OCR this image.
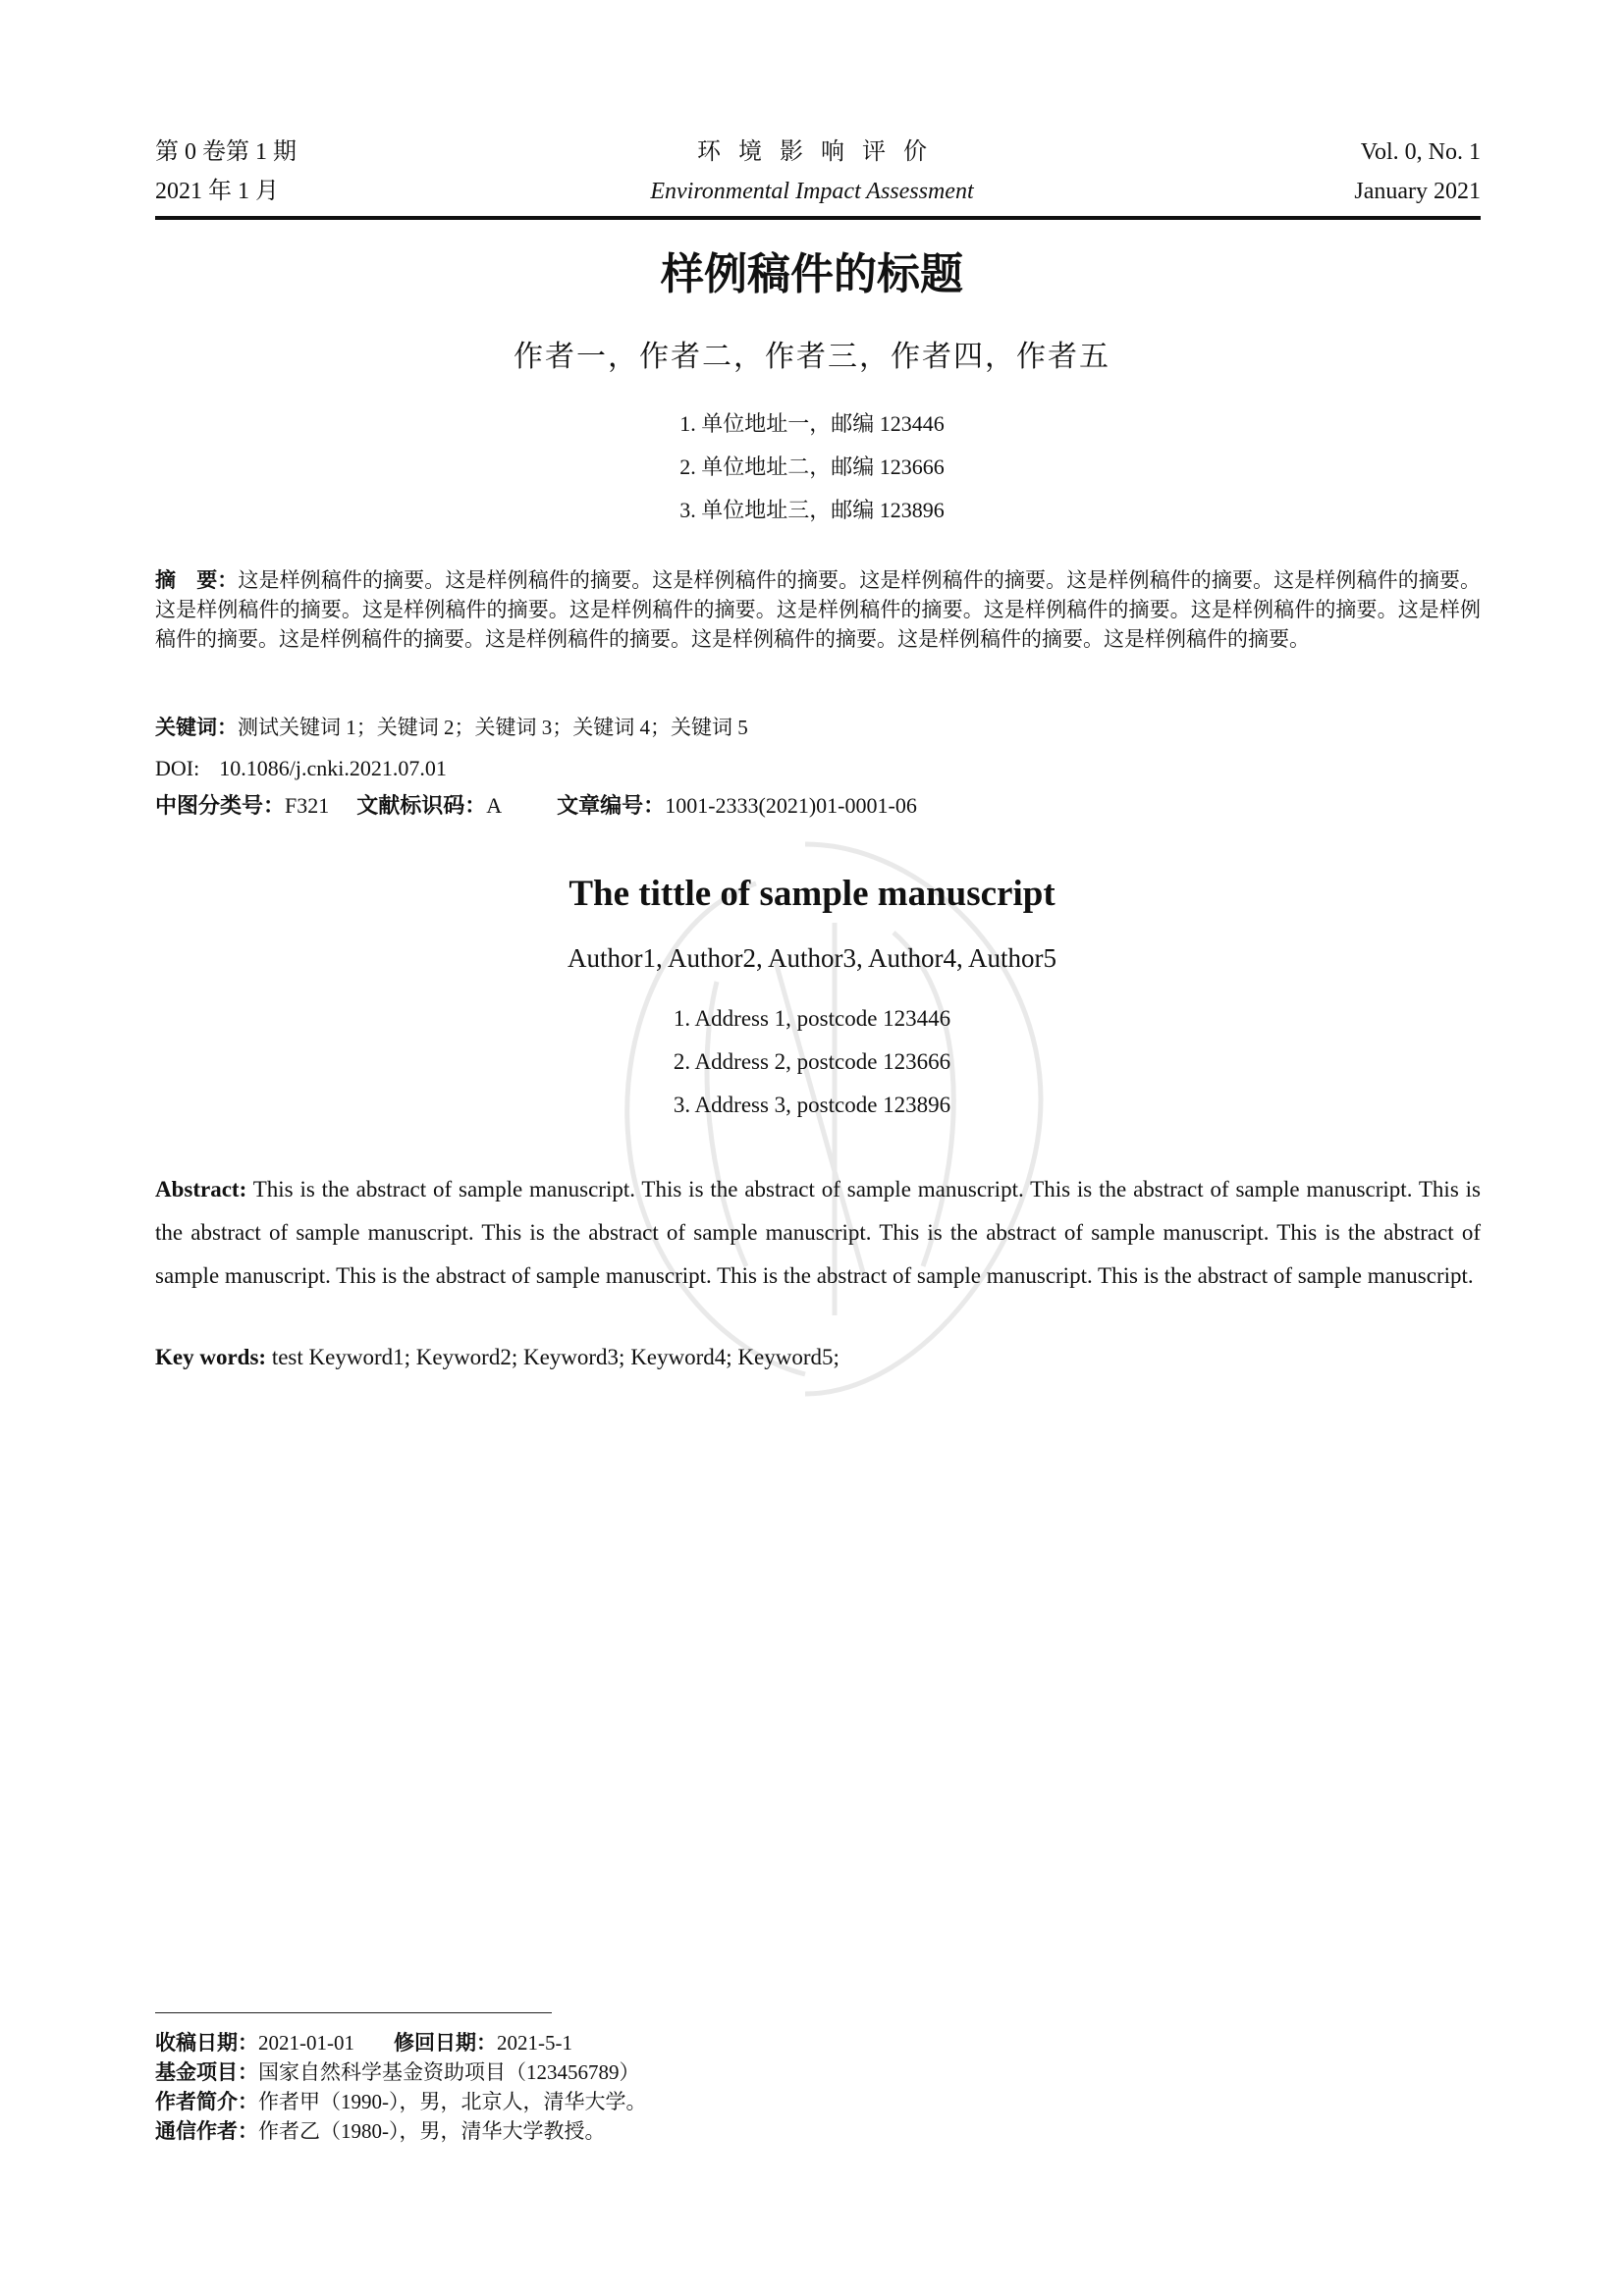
第 0 卷第 1 期
2021 年 1 月
环境影响评价
Environmental Impact Assessment
Vol. 0, No. 1
January 2021
样例稿件的标题
作者一，作者二，作者三，作者四，作者五
1. 单位地址一，邮编 123446
2. 单位地址二，邮编 123666
3. 单位地址三，邮编 123896
摘　要：这是样例稿件的摘要。这是样例稿件的摘要。这是样例稿件的摘要。这是样例稿件的摘要。这是样例稿件的摘要。这是样例稿件的摘要。这是样例稿件的摘要。这是样例稿件的摘要。这是样例稿件的摘要。这是样例稿件的摘要。这是样例稿件的摘要。这是样例稿件的摘要。这是样例稿件的摘要。这是样例稿件的摘要。这是样例稿件的摘要。这是样例稿件的摘要。这是样例稿件的摘要。这是样例稿件的摘要。
关键词：测试关键词 1；关键词 2；关键词 3；关键词 4；关键词 5
DOI: 10.1086/j.cnki.2021.07.01
中图分类号：F321 文献标识码：A	文章编号：1001-2333(2021)01-0001-06
The tittle of sample manuscript
Author1, Author2, Author3, Author4, Author5
1. Address 1, postcode 123446
2. Address 2, postcode 123666
3. Address 3, postcode 123896
Abstract: This is the abstract of sample manuscript. This is the abstract of sample manuscript. This is the abstract of sample manuscript. This is the abstract of sample manuscript. This is the abstract of sample manuscript. This is the abstract of sample manuscript. This is the abstract of sample manuscript. This is the abstract of sample manuscript. This is the abstract of sample manuscript. This is the abstract of sample manuscript.
Key words: test Keyword1; Keyword2; Keyword3; Keyword4; Keyword5;
收稿日期：2021-01-01 修回日期：2021-5-1
基金项目：国家自然科学基金资助项目（123456789）
作者简介：作者甲（1990-），男，北京人，清华大学。
通信作者：作者乙（1980-），男，清华大学教授。
